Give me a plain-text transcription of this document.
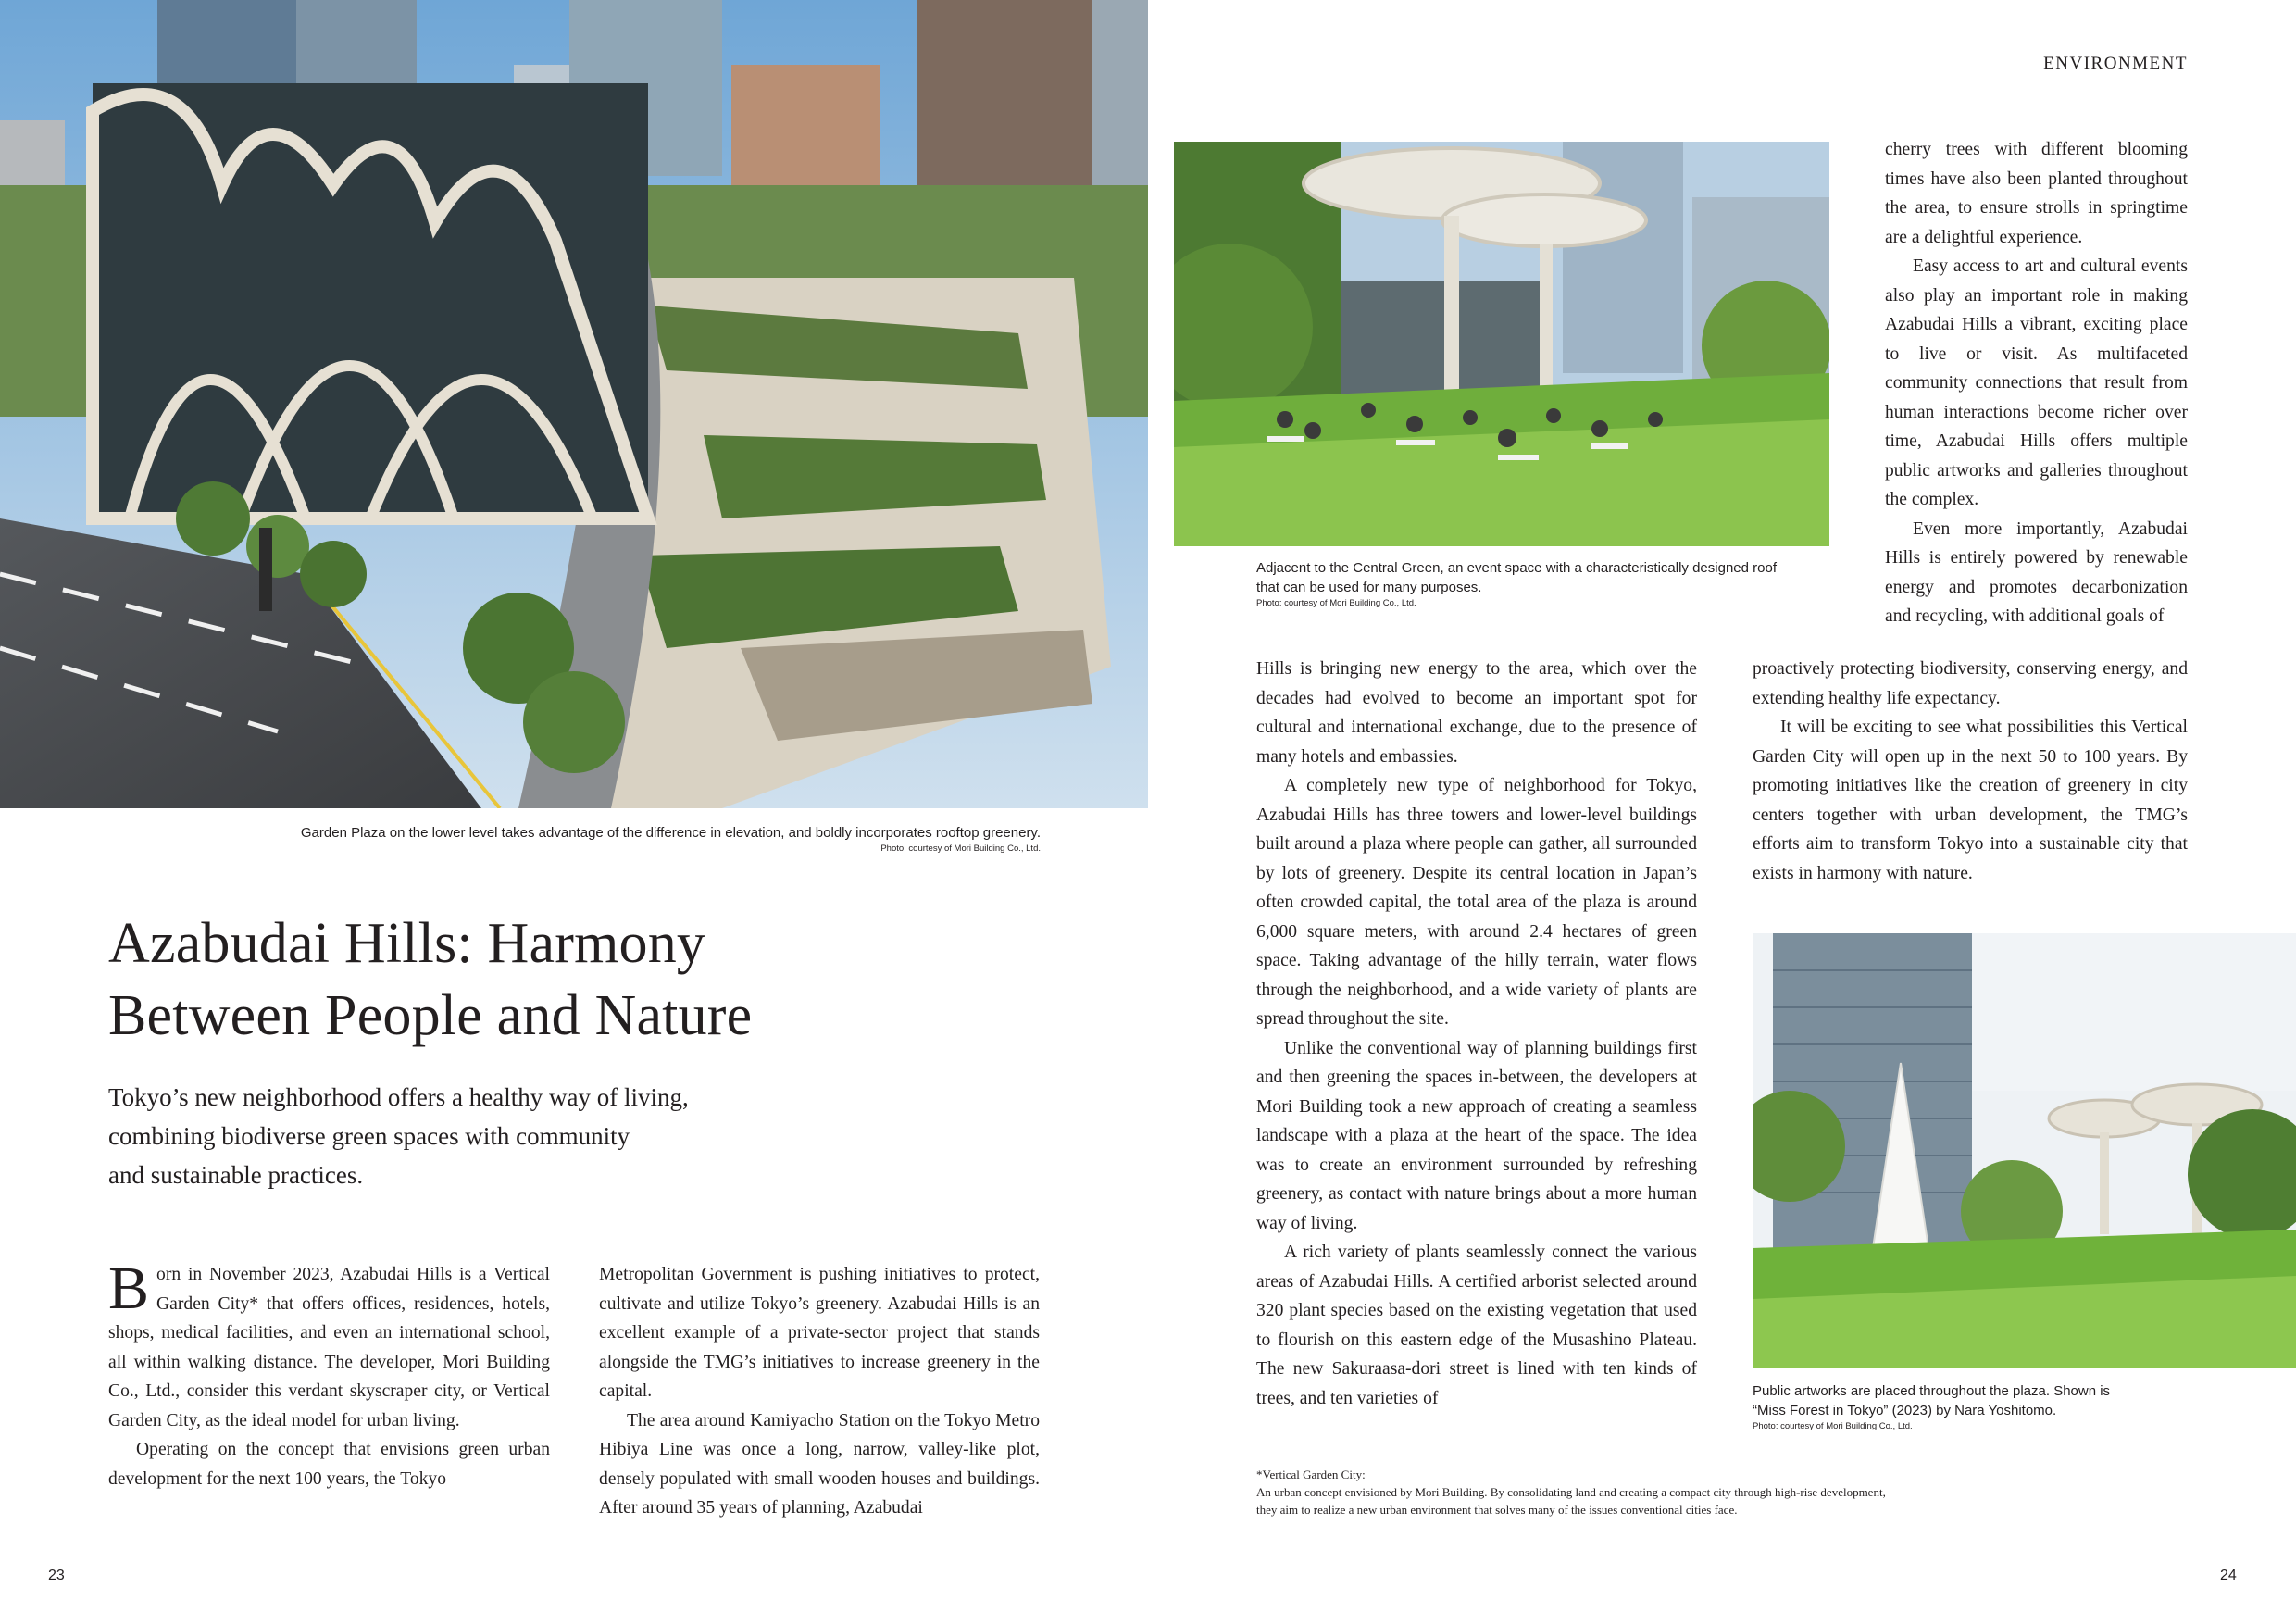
Garden Plaza on the lower level takes advantage of the difference in elevation, and boldly incorporates rooftop greenery.
Photo: courtesy of Mori Building Co., Ltd.
Azabudai Hills: Harmony
Between People and Nature
Tokyo’s new neighborhood offers a healthy way of living,
combining biodiverse green spaces with community
and sustainable practices.

Born in November 2023, Azabudai Hills is a Vertical Garden City* that offers offices, residences, hotels, shops, medical facilities, and even an international school, all within walking distance. The developer, Mori Building Co., Ltd., consider this verdant skyscraper city, or Vertical Garden City, as the ideal model for urban living.

Operating on the concept that envisions green urban development for the next 100 years, the Tokyo

Metropolitan Government is pushing initiatives to protect, cultivate and utilize Tokyo’s greenery. Azabudai Hills is an excellent example of a private-sector project that stands alongside the TMG’s initiatives to increase greenery in the capital.

The area around Kamiyacho Station on the Tokyo Metro Hibiya Line was once a long, narrow, valley-like plot, densely populated with small wooden houses and buildings. After around 35 years of planning, Azabudai

23
ENVIRONMENT
Adjacent to the Central Green, an event space with a characteristically designed roof
that can be used for many purposes.
Photo: courtesy of Mori Building Co., Ltd.

Hills is bringing new energy to the area, which over the decades had evolved to become an important spot for cultural and international exchange, due to the presence of many hotels and embassies.

A completely new type of neighborhood for Tokyo, Azabudai Hills has three towers and lower-level buildings built around a plaza where people can gather, all surrounded by lots of greenery. Despite its central location in Japan’s often crowded capital, the total area of the plaza is around 6,000 square meters, with around 2.4 hectares of green space. Taking advantage of the hilly terrain, water flows through the neighborhood, and a wide variety of plants are spread throughout the site.

Unlike the conventional way of planning buildings first and then greening the spaces in-between, the developers at Mori Building took a new approach of creating a seamless landscape with a plaza at the heart of the space. The idea was to create an environment surrounded by refreshing greenery, as contact with nature brings about a more human way of living.

A rich variety of plants seamlessly connect the various areas of Azabudai Hills. A certified arborist selected around 320 plant species based on the existing vegetation that used to flourish on this eastern edge of the Musashino Plateau. The new Sakuraasa-dori street is lined with ten kinds of trees, and ten varieties of

cherry trees with different blooming times have also been planted throughout the area, to ensure strolls in springtime are a delightful experience.

Easy access to art and cultural events also play an important role in making Azabudai Hills a vibrant, exciting place to live or visit. As multifaceted community connections that result from human interactions become richer over time, Azabudai Hills offers multiple public artworks and galleries throughout the complex.

Even more importantly, Azabudai Hills is entirely powered by renewable energy and promotes decarbonization and recycling, with additional goals of

proactively protecting biodiversity, conserving energy, and extending healthy life expectancy.

It will be exciting to see what possibilities this Vertical Garden City will open up in the next 50 to 100 years. By promoting initiatives like the creation of greenery in city centers together with urban development, the TMG’s efforts aim to transform Tokyo into a sustainable city that exists in harmony with nature.

Public artworks are placed throughout the plaza. Shown is
“Miss Forest in Tokyo” (2023) by Nara Yoshitomo.
Photo: courtesy of Mori Building Co., Ltd.
*Vertical Garden City:
An urban concept envisioned by Mori Building. By consolidating land and creating a compact city through high-rise development,
they aim to realize a new urban environment that solves many of the issues conventional cities face.
24
